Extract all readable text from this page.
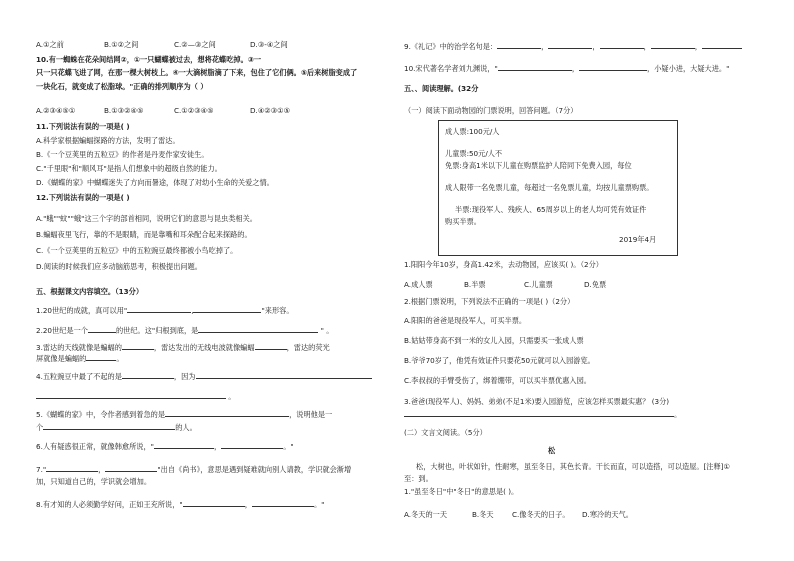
A.①之前	B.①②之间	C.②—③之间	D.③-④之间
10.有一蜘蛛在花朵间结网②，①一只蝴蝶被过去，想将花蝶吃掉。③一
只一只花蝶飞进了网，在那一棵大树枝上。④一大滴树脂滴了下来，包住了它们俩。⑤后来树脂变成了
一块化石，就变成了松脂球。"正确的排列顺序为（ ）
A.②③④⑤①	B.①③②④⑤	C.①②③④⑤	D.④②③①⑤
11.下列说法有误的一项是( )
A.科学家根据蝙蝠探路的方法，发明了雷达。
B.《一个豆荚里的五粒豆》的作者是丹麦作家安徒生。
C."千里眼"和"顺风耳"是指人们想象中的超级自然的能力。
D.《蝴蝶的家》中蝴蝶迷失了方向而暑途，体现了对幼小生命的关爱之情。
12.下列说法有误的一项是( )
A."蛾""蚊""蛾"这三个字的部首相同，说明它们的意思与昆虫类相关。
B.蝙蝠夜里飞行，靠的不是眼睛，而是靠嘴和耳朵配合起来探路的。
C.《一个豆荚里的五粒豆》中的五粒豌豆最终都被小鸟吃掉了。
D.阅读的时候我们应多动脑筋思考，积极提出问题。
五、根据课文内容填空。（13分）
1.20世纪的成就，真可以用"	,	"来形容。
2.20世纪是一个	的世纪。这"归根到底，是	" 。
3.雷达的天线就像是蝙蝠的	，雷达发出的无线电波就像蝙蝠	，雷达的荧光
屏就像是蝙蝠的	。
4.五粒豌豆中最了不起的是	，因为
。
5.《蝴蝶的家》中，令作者感到着急的是	，说明他是一
个	的人。
6.人有疑惑很正常，就像韩愈所说，"	，	。"
7."	，	"出自《尚书》，意思是遇到疑难就向别人请教，学识就会渐增
加，只知道自己的，学识就会增加。
8.有才知的人必须勤学好问，正如王充所说，"	，	。"
9.《礼记》中的治学名句是：	，	，	，	，
10.宋代著名学者刘九渊说，"	，	，小疑小进，大疑大进。"
五、、阅读理解。(32分
（一）阅读下面动物园的门票说明，回答问题。（7分）
成人票:100元/人
儿童票:50元/人不
免票:身高1米以下儿童在购票监护人陪同下免费入园，每位
成人限带一名免票儿童，每超过一名免票儿童，均按儿童票购票。
半票:现役军人、残疾人、65周岁以上的老人均可凭有效证件
购买半票。
2019年4月
1.阳阳今年10岁，身高1.42米，去动物园，应该买( )。（2分）
A.成人票	B.半票	C.儿童票	D.免票
2.根据门票说明，下列说法不正确的一项是( )（2分）
A.阳阳的爸爸是现役军人，可买半票。
B.姑姑带身高不到一米的女儿入园，只需要买一张成人票
B.爷爷70岁了，他凭有效证件只要花50元就可以入园游览。
C.李叔叔的手臂受伤了，绑着绷带，可以买半票优惠入园。
3.爸爸(现役军人)、妈妈、弟弟(不足1米)要入园游览，应该怎样买票最实惠？ (3分)
。
(二）文言文阅读。（5分）
松
松，大树也，叶状如针，性耐寒，虽至冬日，其色长青。干长而直，可以造搭，可以造屋。[注释]①
至：到。
1."虽至冬日"中"冬日"的意思是( )。
A.冬天的一天	B.冬天	C.像冬天的日子。 D.寒冷的天气。
